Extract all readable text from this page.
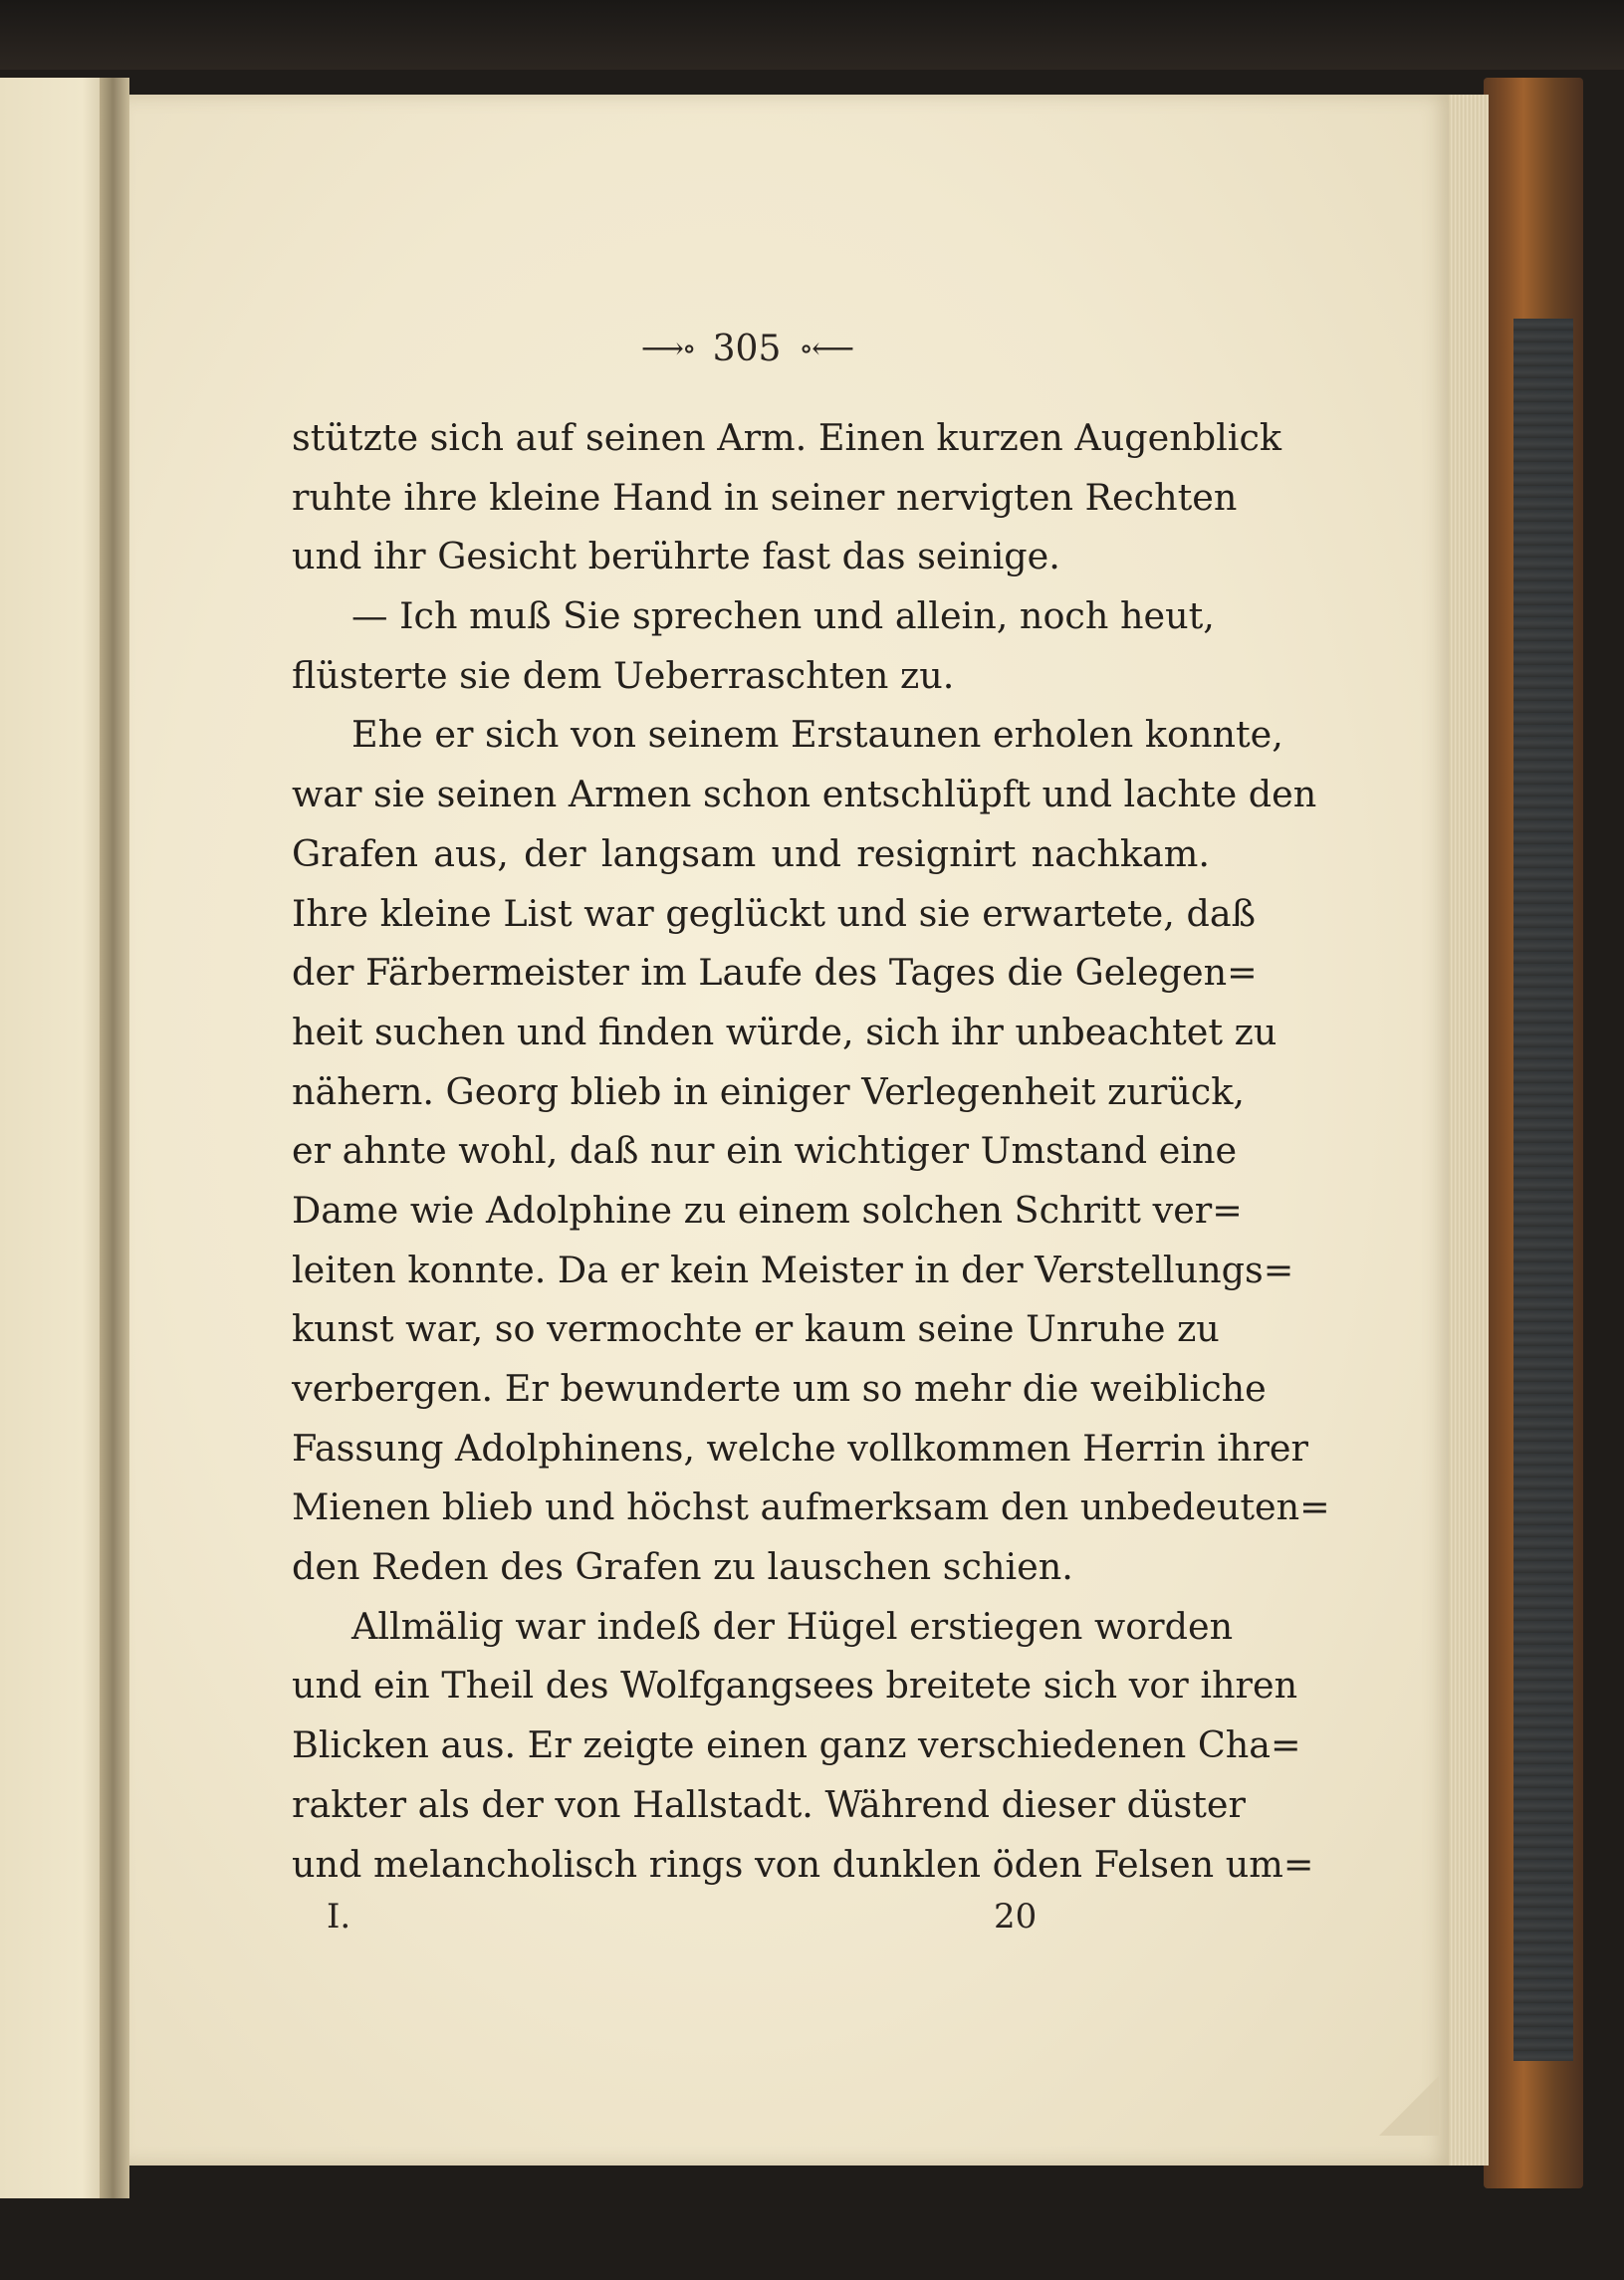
⟶∘ 305 ∘⟵
stützte sich auf seinen Arm. Einen kurzen Augenblick
ruhte ihre kleine Hand in seiner nervigten Rechten
und ihr Gesicht berührte fast das seinige.
— Ich muß Sie sprechen und allein, noch heut,
flüsterte sie dem Ueberraschten zu.
Ehe er sich von seinem Erstaunen erholen konnte,
war sie seinen Armen schon entschlüpft und lachte den
Grafen aus, der langsam und resignirt nachkam.
Ihre kleine List war geglückt und sie erwartete, daß
der Färbermeister im Laufe des Tages die Gelegen=
heit suchen und finden würde, sich ihr unbeachtet zu
nähern. Georg blieb in einiger Verlegenheit zurück,
er ahnte wohl, daß nur ein wichtiger Umstand eine
Dame wie Adolphine zu einem solchen Schritt ver=
leiten konnte. Da er kein Meister in der Verstellungs=
kunst war, so vermochte er kaum seine Unruhe zu
verbergen. Er bewunderte um so mehr die weibliche
Fassung Adolphinens, welche vollkommen Herrin ihrer
Mienen blieb und höchst aufmerksam den unbedeuten=
den Reden des Grafen zu lauschen schien.
Allmälig war indeß der Hügel erstiegen worden
und ein Theil des Wolfgangsees breitete sich vor ihren
Blicken aus. Er zeigte einen ganz verschiedenen Cha=
rakter als der von Hallstadt. Während dieser düster
und melancholisch rings von dunklen öden Felsen um=
I.	20
